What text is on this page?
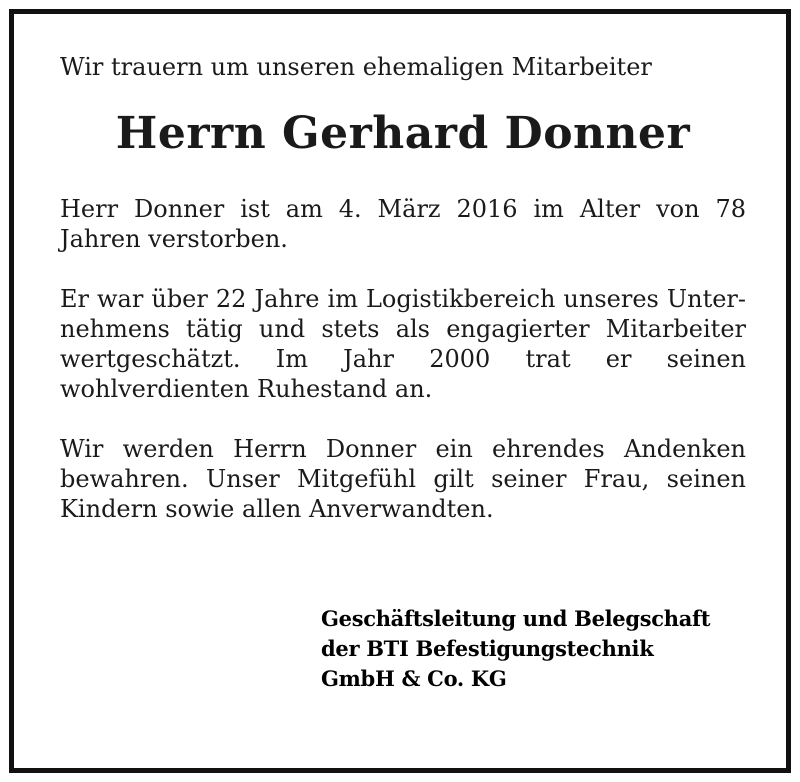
Wir trauern um unseren ehemaligen Mitarbeiter

Herrn Gerhard Donner

Herr Donner ist am 4. März 2016 im Alter von 78 Jahren verstorben.

Er war über 22 Jahre im Logistikbereich unseres Unternehmens tätig und stets als engagierter Mitarbeiter wertgeschätzt. Im Jahr 2000 trat er seinen wohlverdienten Ruhestand an.

Wir werden Herrn Donner ein ehrendes Andenken bewahren. Unser Mitgefühl gilt seiner Frau, seinen Kindern sowie allen Anverwandten.

Geschäftsleitung und Belegschaft
der BTI Befestigungstechnik
GmbH & Co. KG
